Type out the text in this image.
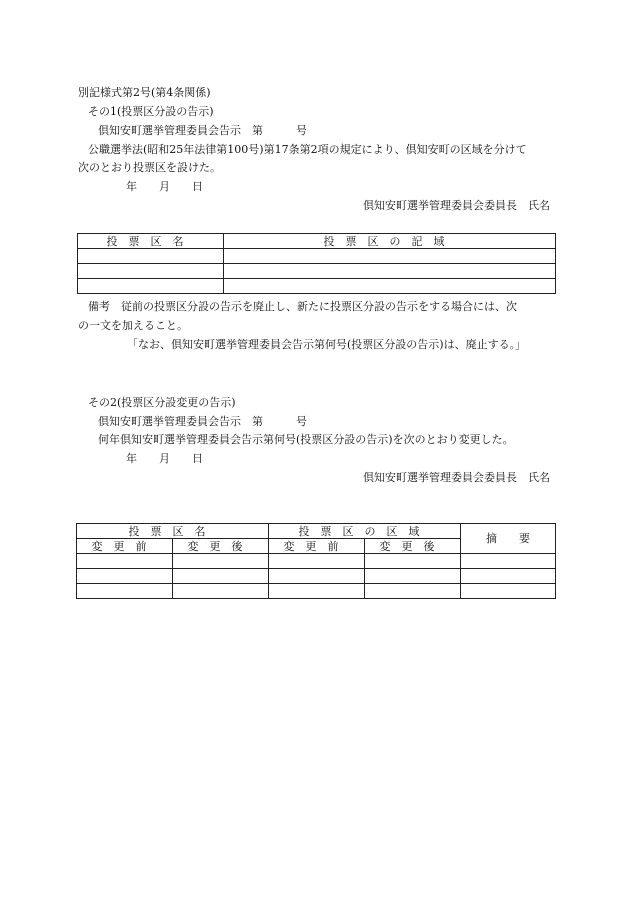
別記様式第2号(第4条関係)
その1(投票区分設の告示)
倶知安町選挙管理委員会告示　第　　　号
公職選挙法(昭和25年法律第100号)第17条第2項の規定により、倶知安町の区域を分けて
次のとおり投票区を設けた。
年　　月　　日
倶知安町選挙管理委員会委員長　氏名
投票区名	投票区の記域

備考　従前の投票区分設の告示を廃止し、新たに投票区分設の告示をする場合には、次
の一文を加えること。
「なお、倶知安町選挙管理委員会告示第何号(投票区分設の告示)は、廃止する。」
その2(投票区分設変更の告示)
倶知安町選挙管理委員会告示　第　　　号
何年倶知安町選挙管理委員会告示第何号(投票区分設の告示)を次のとおり変更した。
年　　月　　日
倶知安町選挙管理委員会委員長　氏名
投票区名		投票区の区域		摘　　要
変更前	変更後	変更前	変更後	
